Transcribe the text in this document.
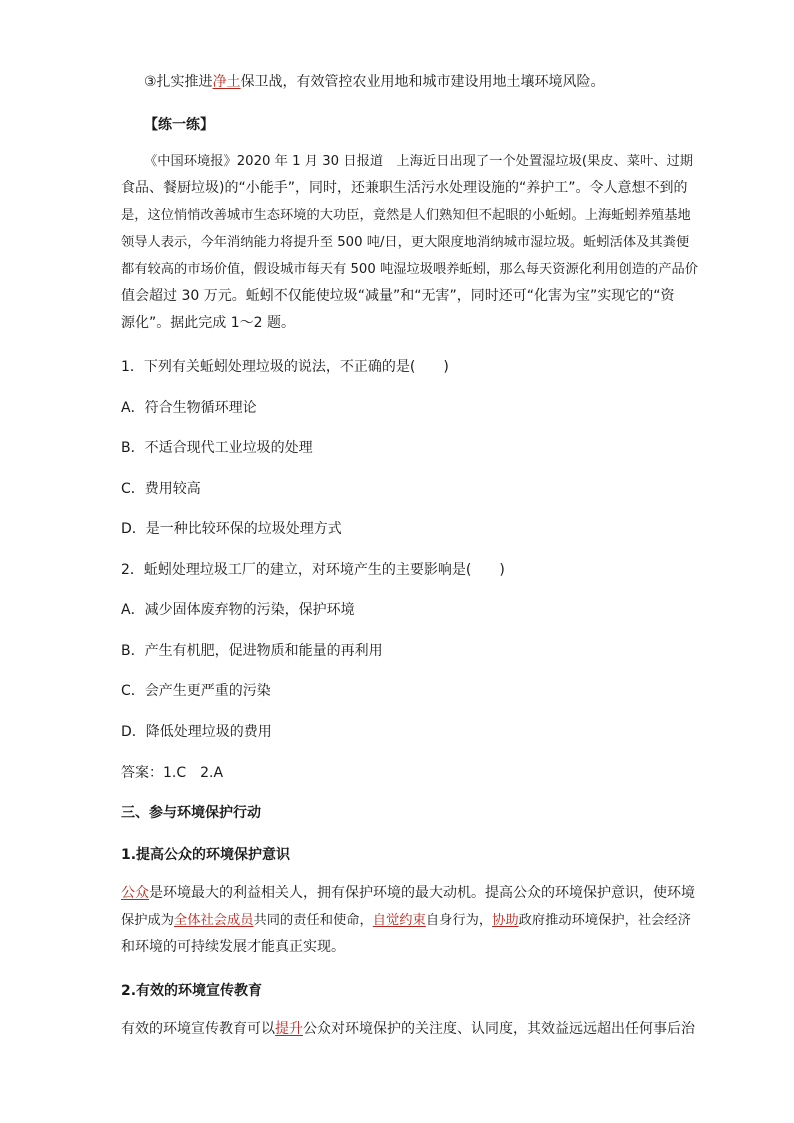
③扎实推进净土保卫战，有效管控农业用地和城市建设用地土壤环境风险。
【练一练】
《中国环境报》2020 年 1 月 30 日报道　上海近日出现了一个处置湿垃圾(果皮、菜叶、过期
食品、餐厨垃圾)的“小能手”，同时，还兼职生活污水处理设施的“养护工”。令人意想不到的
是，这位悄悄改善城市生态环境的大功臣，竟然是人们熟知但不起眼的小蚯蚓。上海蚯蚓养殖基地
领导人表示，今年消纳能力将提升至 500 吨/日，更大限度地消纳城市湿垃圾。蚯蚓活体及其粪便
都有较高的市场价值，假设城市每天有 500 吨湿垃圾喂养蚯蚓，那么每天资源化利用创造的产品价
值会超过 30 万元。蚯蚓不仅能使垃圾“减量”和“无害”，同时还可“化害为宝”实现它的“资
源化”。据此完成 1～2 题。
1．下列有关蚯蚓处理垃圾的说法，不正确的是(　　)
A．符合生物循环理论
B．不适合现代工业垃圾的处理
C．费用较高
D．是一种比较环保的垃圾处理方式
2．蚯蚓处理垃圾工厂的建立，对环境产生的主要影响是(　　)
A．减少固体废弃物的污染，保护环境
B．产生有机肥，促进物质和能量的再利用
C．会产生更严重的污染
D．降低处理垃圾的费用
答案：1.C　2.A
三、参与环境保护行动
1.提高公众的环境保护意识
公众是环境最大的利益相关人，拥有保护环境的最大动机。提高公众的环境保护意识，使环境
保护成为全体社会成员共同的责任和使命，自觉约束自身行为，协助政府推动环境保护，社会经济
和环境的可持续发展才能真正实现。
2.有效的环境宣传教育
有效的环境宣传教育可以提升公众对环境保护的关注度、认同度，其效益远远超出任何事后治
